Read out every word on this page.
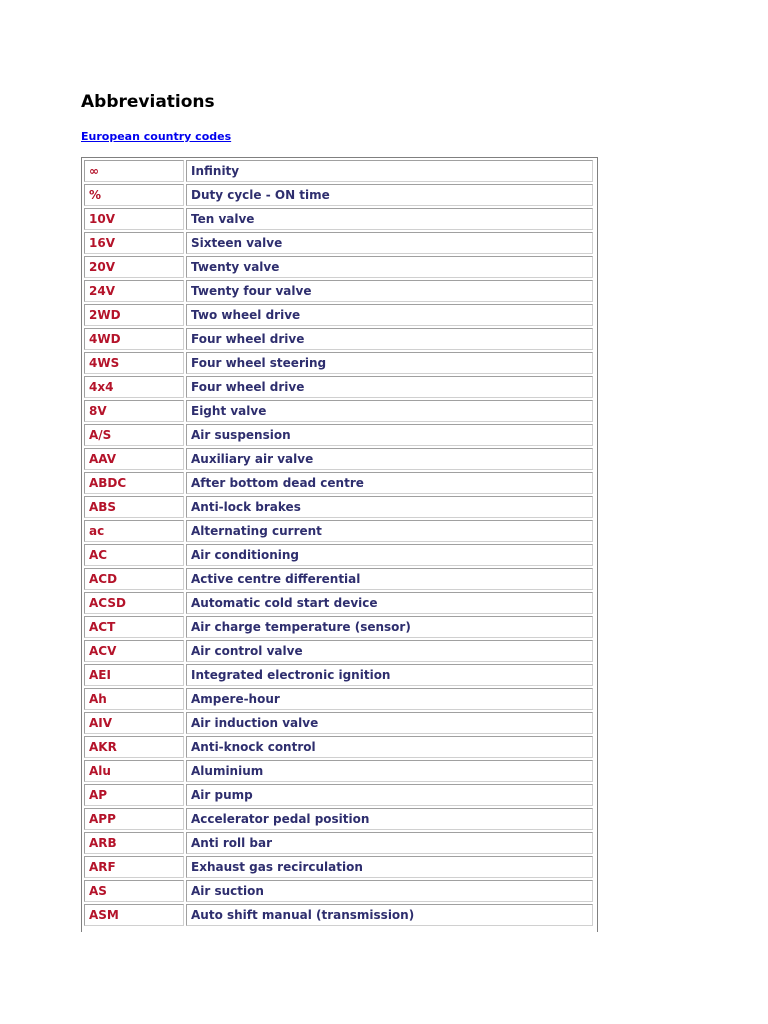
Abbreviations
European country codes
∞	Infinity
%	Duty cycle - ON time
10V	Ten valve
16V	Sixteen valve
20V	Twenty valve
24V	Twenty four valve
2WD	Two wheel drive
4WD	Four wheel drive
4WS	Four wheel steering
4x4	Four wheel drive
8V	Eight valve
A/S	Air suspension
AAV	Auxiliary air valve
ABDC	After bottom dead centre
ABS	Anti-lock brakes
ac	Alternating current
AC	Air conditioning
ACD	Active centre differential
ACSD	Automatic cold start device
ACT	Air charge temperature (sensor)
ACV	Air control valve
AEI	Integrated electronic ignition
Ah	Ampere-hour
AIV	Air induction valve
AKR	Anti-knock control
Alu	Aluminium
AP	Air pump
APP	Accelerator pedal position
ARB	Anti roll bar
ARF	Exhaust gas recirculation
AS	Air suction
ASM	Auto shift manual (transmission)
